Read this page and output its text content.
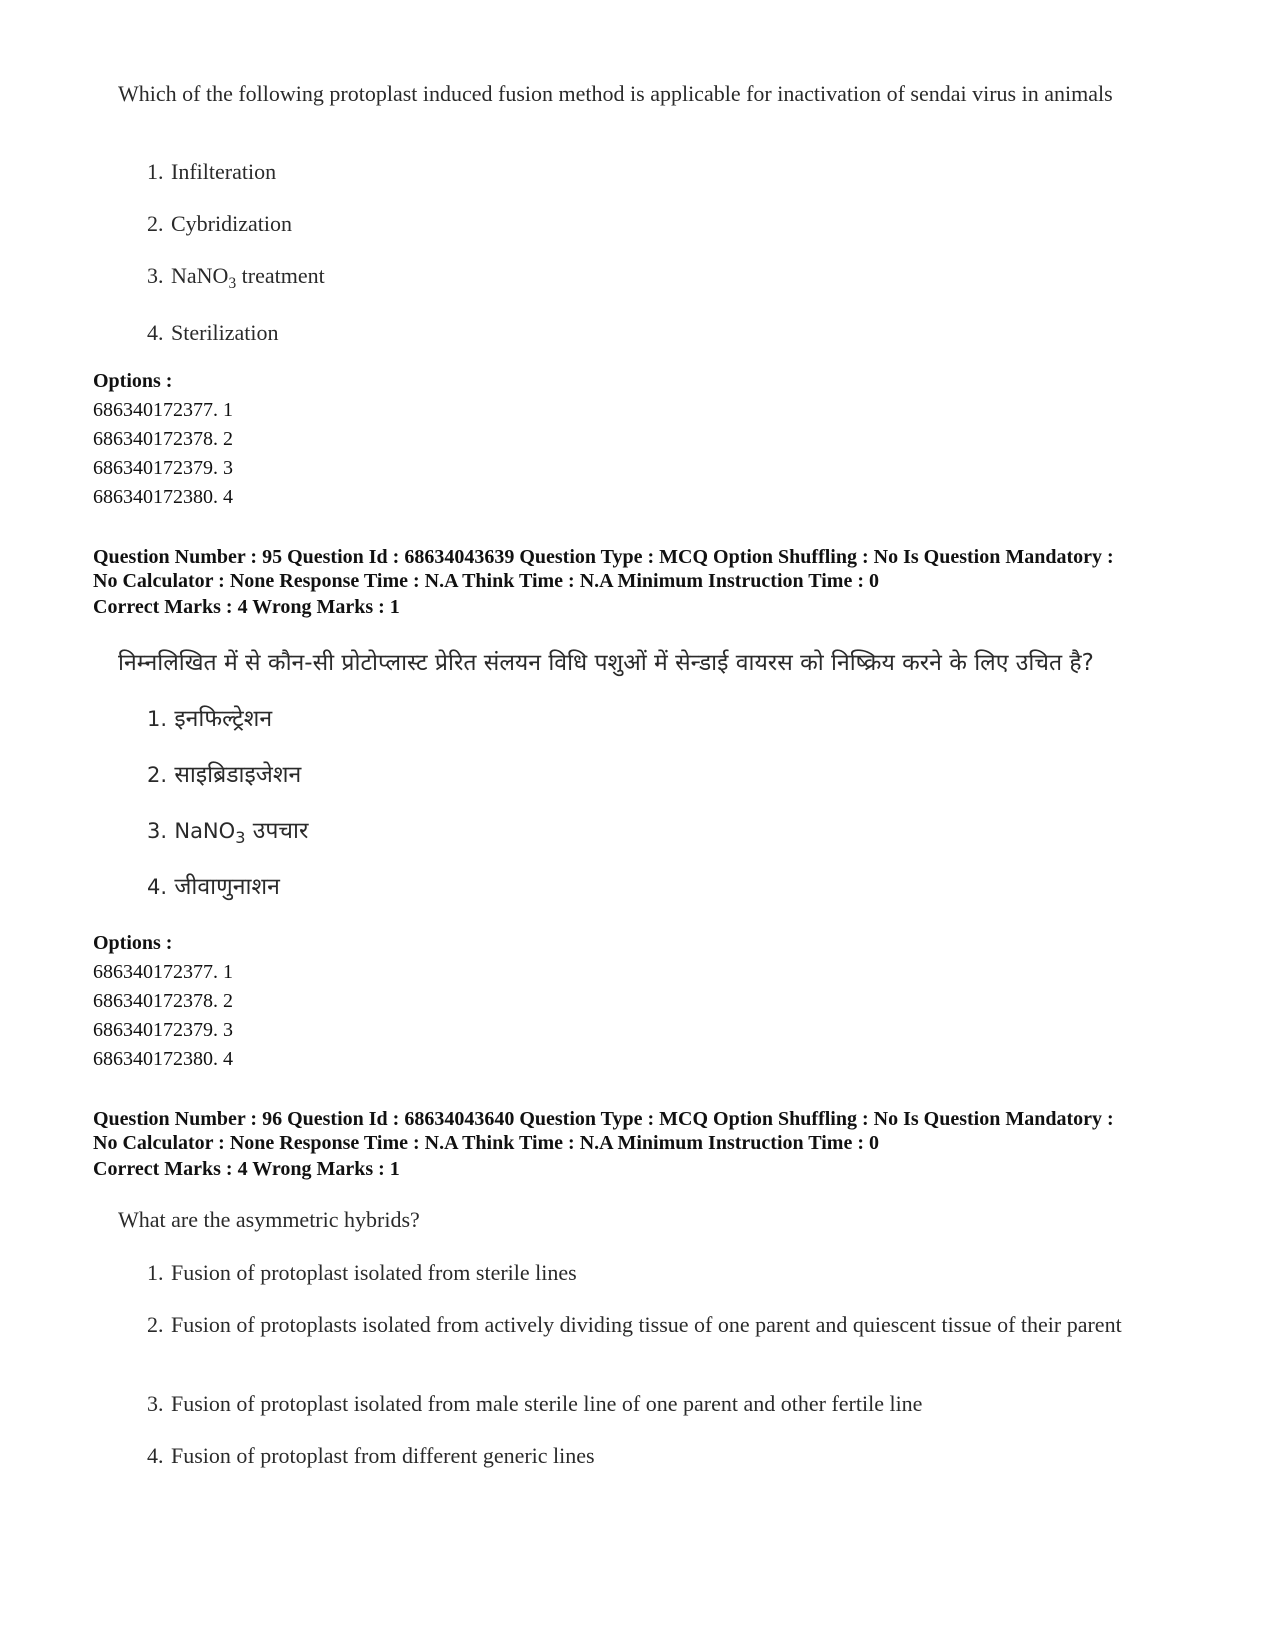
Which of the following protoplast induced fusion method is applicable for inactivation of sendai virus in animals
1. Infilteration
2. Cybridization
3. NaNO$_3$ treatment
4. Sterilization
Options :
686340172377. 1
686340172378. 2
686340172379. 3
686340172380. 4
Question Number : 95 Question Id : 68634043639 Question Type : MCQ Option Shuffling : No Is Question Mandatory :
No Calculator : None Response Time : N.A Think Time : N.A Minimum Instruction Time : 0
Correct Marks : 4 Wrong Marks : 1
निम्नलिखित में से कौन-सी प्रोटोप्लास्ट प्रेरित संलयन विधि पशुओं में सेन्डाई वायरस को निष्क्रिय करने के लिए उचित है?
1. इनफिल्ट्रेशन
2. साइब्रिडाइजेशन
3. NaNO$_3$ उपचार
4. जीवाणुनाशन
Options :
686340172377. 1
686340172378. 2
686340172379. 3
686340172380. 4
Question Number : 96 Question Id : 68634043640 Question Type : MCQ Option Shuffling : No Is Question Mandatory :
No Calculator : None Response Time : N.A Think Time : N.A Minimum Instruction Time : 0
Correct Marks : 4 Wrong Marks : 1
What are the asymmetric hybrids?
1. Fusion of protoplast isolated from sterile lines
2. Fusion of protoplasts isolated from actively dividing tissue of one parent and quiescent tissue of their parent
3. Fusion of protoplast isolated from male sterile line of one parent and other fertile line
4. Fusion of protoplast from different generic lines
